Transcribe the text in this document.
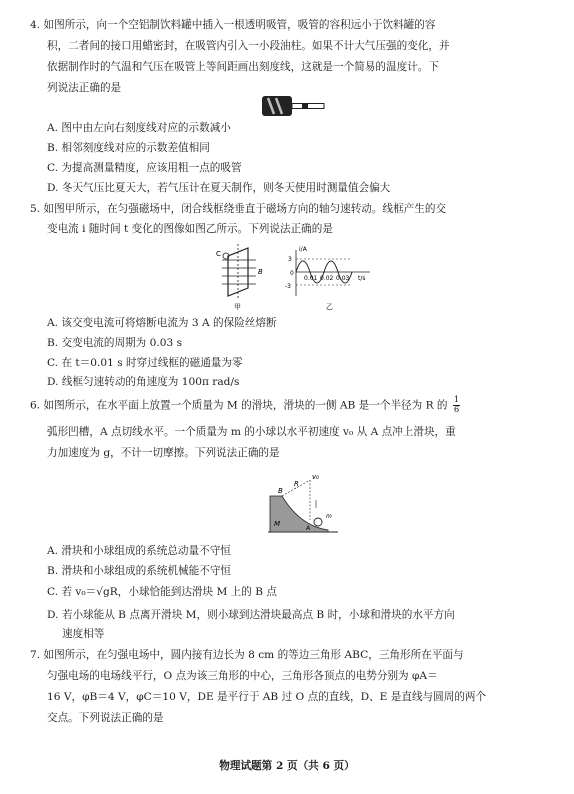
4. 如图所示，向一个空铝制饮料罐中插入一根透明吸管，吸管的容积远小于饮料罐的容
积，二者间的接口用蜡密封，在吸管内引入一小段油柱。如果不计大气压强的变化，并
依据制作时的气温和气压在吸管上等间距画出刻度线，这就是一个简易的温度计。下
列说法正确的是
A. 图中由左向右刻度线对应的示数减小
B. 相邻刻度线对应的示数差值相同
C. 为提高测量精度，应该用粗一点的吸管
D. 冬天气压比夏天大，若气压计在夏天制作，则冬天使用时测量值会偏大
5. 如图甲所示，在匀强磁场中，闭合线框绕垂直于磁场方向的轴匀速转动。线框产生的交
变电流 i 随时间 t 变化的图像如图乙所示。下列说法正确的是
C
B
甲
i/A
t/s
3
0
-3
0.01 0.02 0.03
乙
A. 该交变电流可将熔断电流为 3 A 的保险丝熔断
B. 交变电流的周期为 0.03 s
C. 在 t＝0.01 s 时穿过线框的磁通量为零
D. 线框匀速转动的角速度为 100π rad/s
6. 如图所示，在水平面上放置一个质量为 M 的滑块，滑块的一侧 AB 是一个半径为 R 的 $\frac{1}{6}$
弧形凹槽，A 点切线水平。一个质量为 m 的小球以水平初速度 v₀ 从 A 点冲上滑块，重
力加速度为 g，不计一切摩擦。下列说法正确的是
B
R
v₀
M
m
A
A. 滑块和小球组成的系统总动量不守恒
B. 滑块和小球组成的系统机械能不守恒
C. 若 v₀＝√gR，小球恰能到达滑块 M 上的 B 点
D. 若小球能从 B 点离开滑块 M，则小球到达滑块最高点 B 时，小球和滑块的水平方向
速度相等
7. 如图所示，在匀强电场中，圆内接有边长为 8 cm 的等边三角形 ABC，三角形所在平面与
匀强电场的电场线平行，O 点为该三角形的中心，三角形各顶点的电势分别为 φA＝
16 V，φB＝4 V，φC＝10 V，DE 是平行于 AB 过 O 点的直线，D、E 是直线与圆周的两个
交点。下列说法正确的是
物理试题第 2 页（共 6 页）
